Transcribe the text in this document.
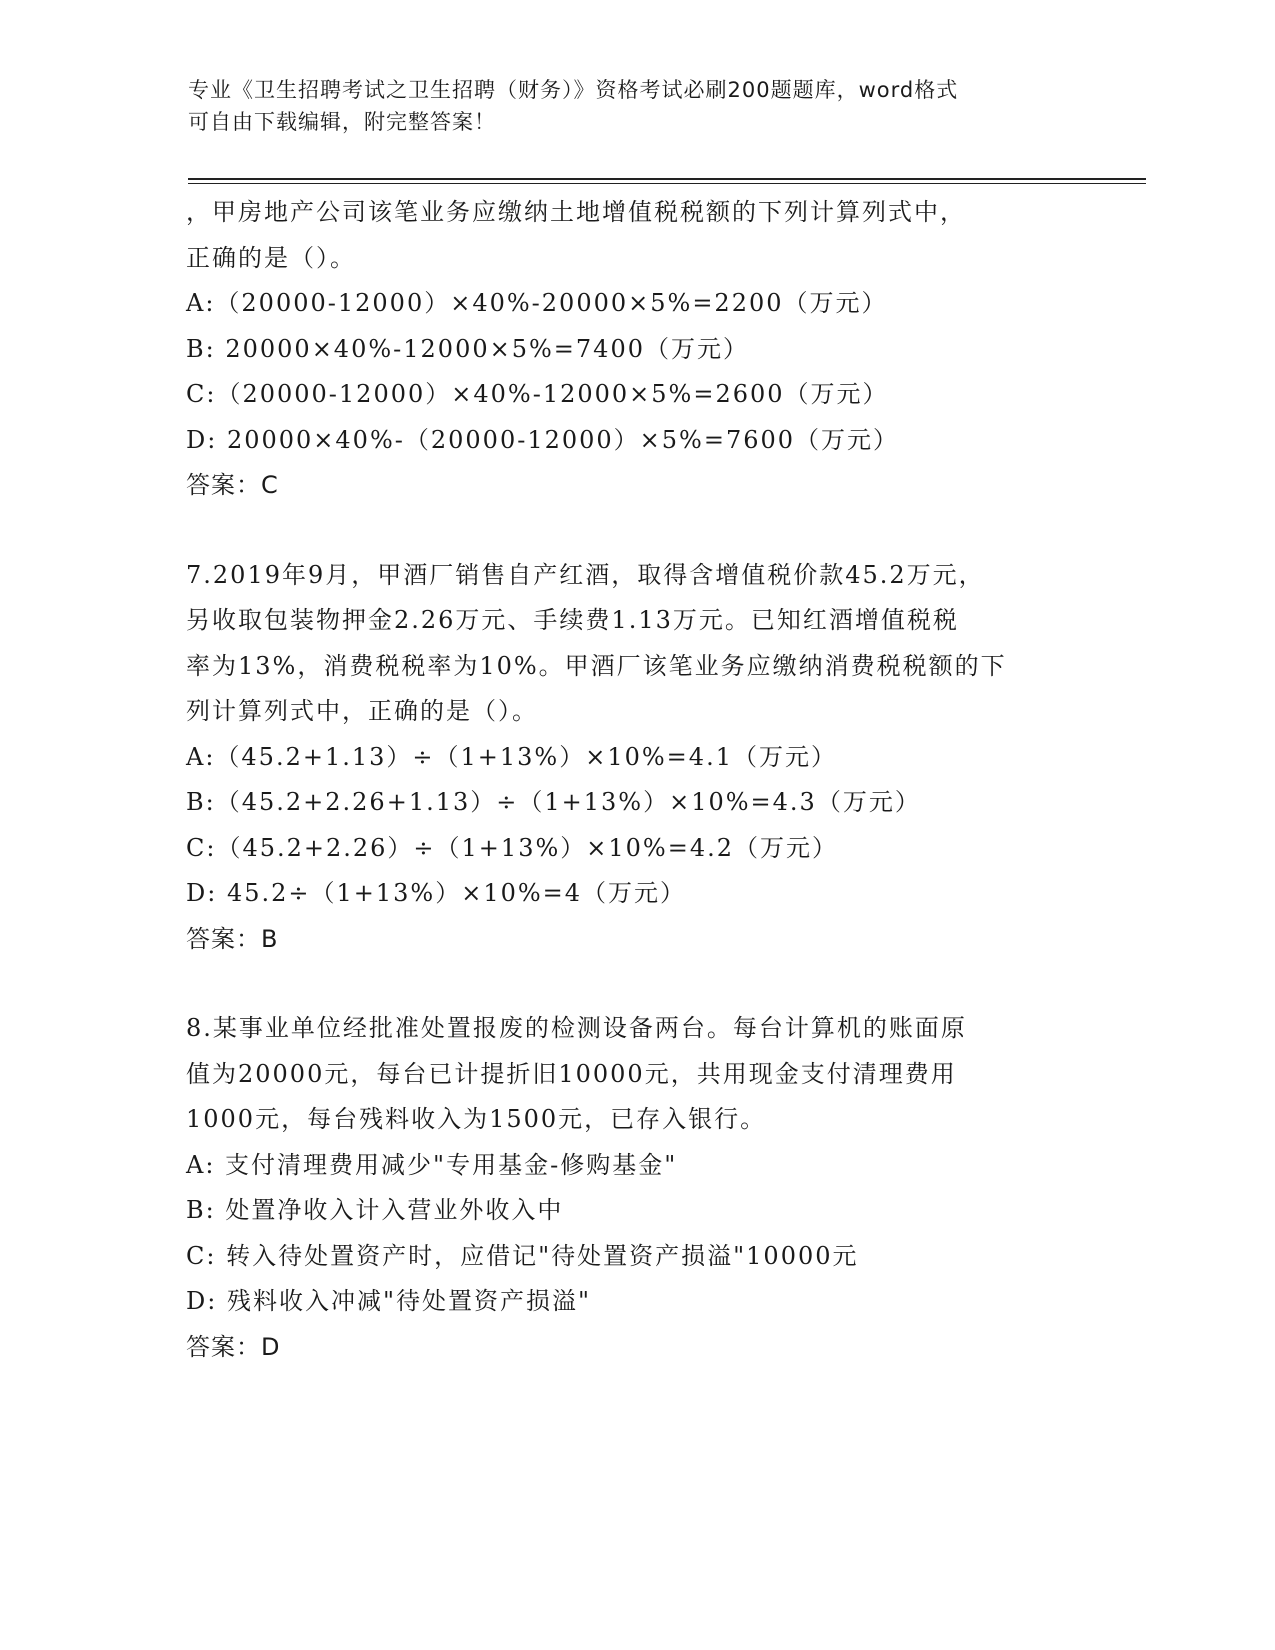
专业《卫生招聘考试之卫生招聘（财务）》资格考试必刷200题题库，word格式
可自由下载编辑，附完整答案！
，甲房地产公司该笔业务应缴纳土地增值税税额的下列计算列式中，
正确的是（）。
A:（20000-12000）×40%-20000×5%=2200（万元）
B: 20000×40%-12000×5%=7400（万元）
C:（20000-12000）×40%-12000×5%=2600（万元）
D: 20000×40%-（20000-12000）×5%=7600（万元）
答案：C
7.2019年9月，甲酒厂销售自产红酒，取得含增值税价款45.2万元，
另收取包装物押金2.26万元、手续费1.13万元。已知红酒增值税税
率为13%，消费税税率为10%。甲酒厂该笔业务应缴纳消费税税额的下
列计算列式中，正确的是（）。
A:（45.2+1.13）÷（1+13%）×10%=4.1（万元）
B:（45.2+2.26+1.13）÷（1+13%）×10%=4.3（万元）
C:（45.2+2.26）÷（1+13%）×10%=4.2（万元）
D: 45.2÷（1+13%）×10%=4（万元）
答案：B
8.某事业单位经批准处置报废的检测设备两台。每台计算机的账面原
值为20000元，每台已计提折旧10000元，共用现金支付清理费用
1000元，每台残料收入为1500元，已存入银行。
A: 支付清理费用减少"专用基金-修购基金"
B: 处置净收入计入营业外收入中
C: 转入待处置资产时，应借记"待处置资产损溢"10000元
D: 残料收入冲减"待处置资产损溢"
答案：D
